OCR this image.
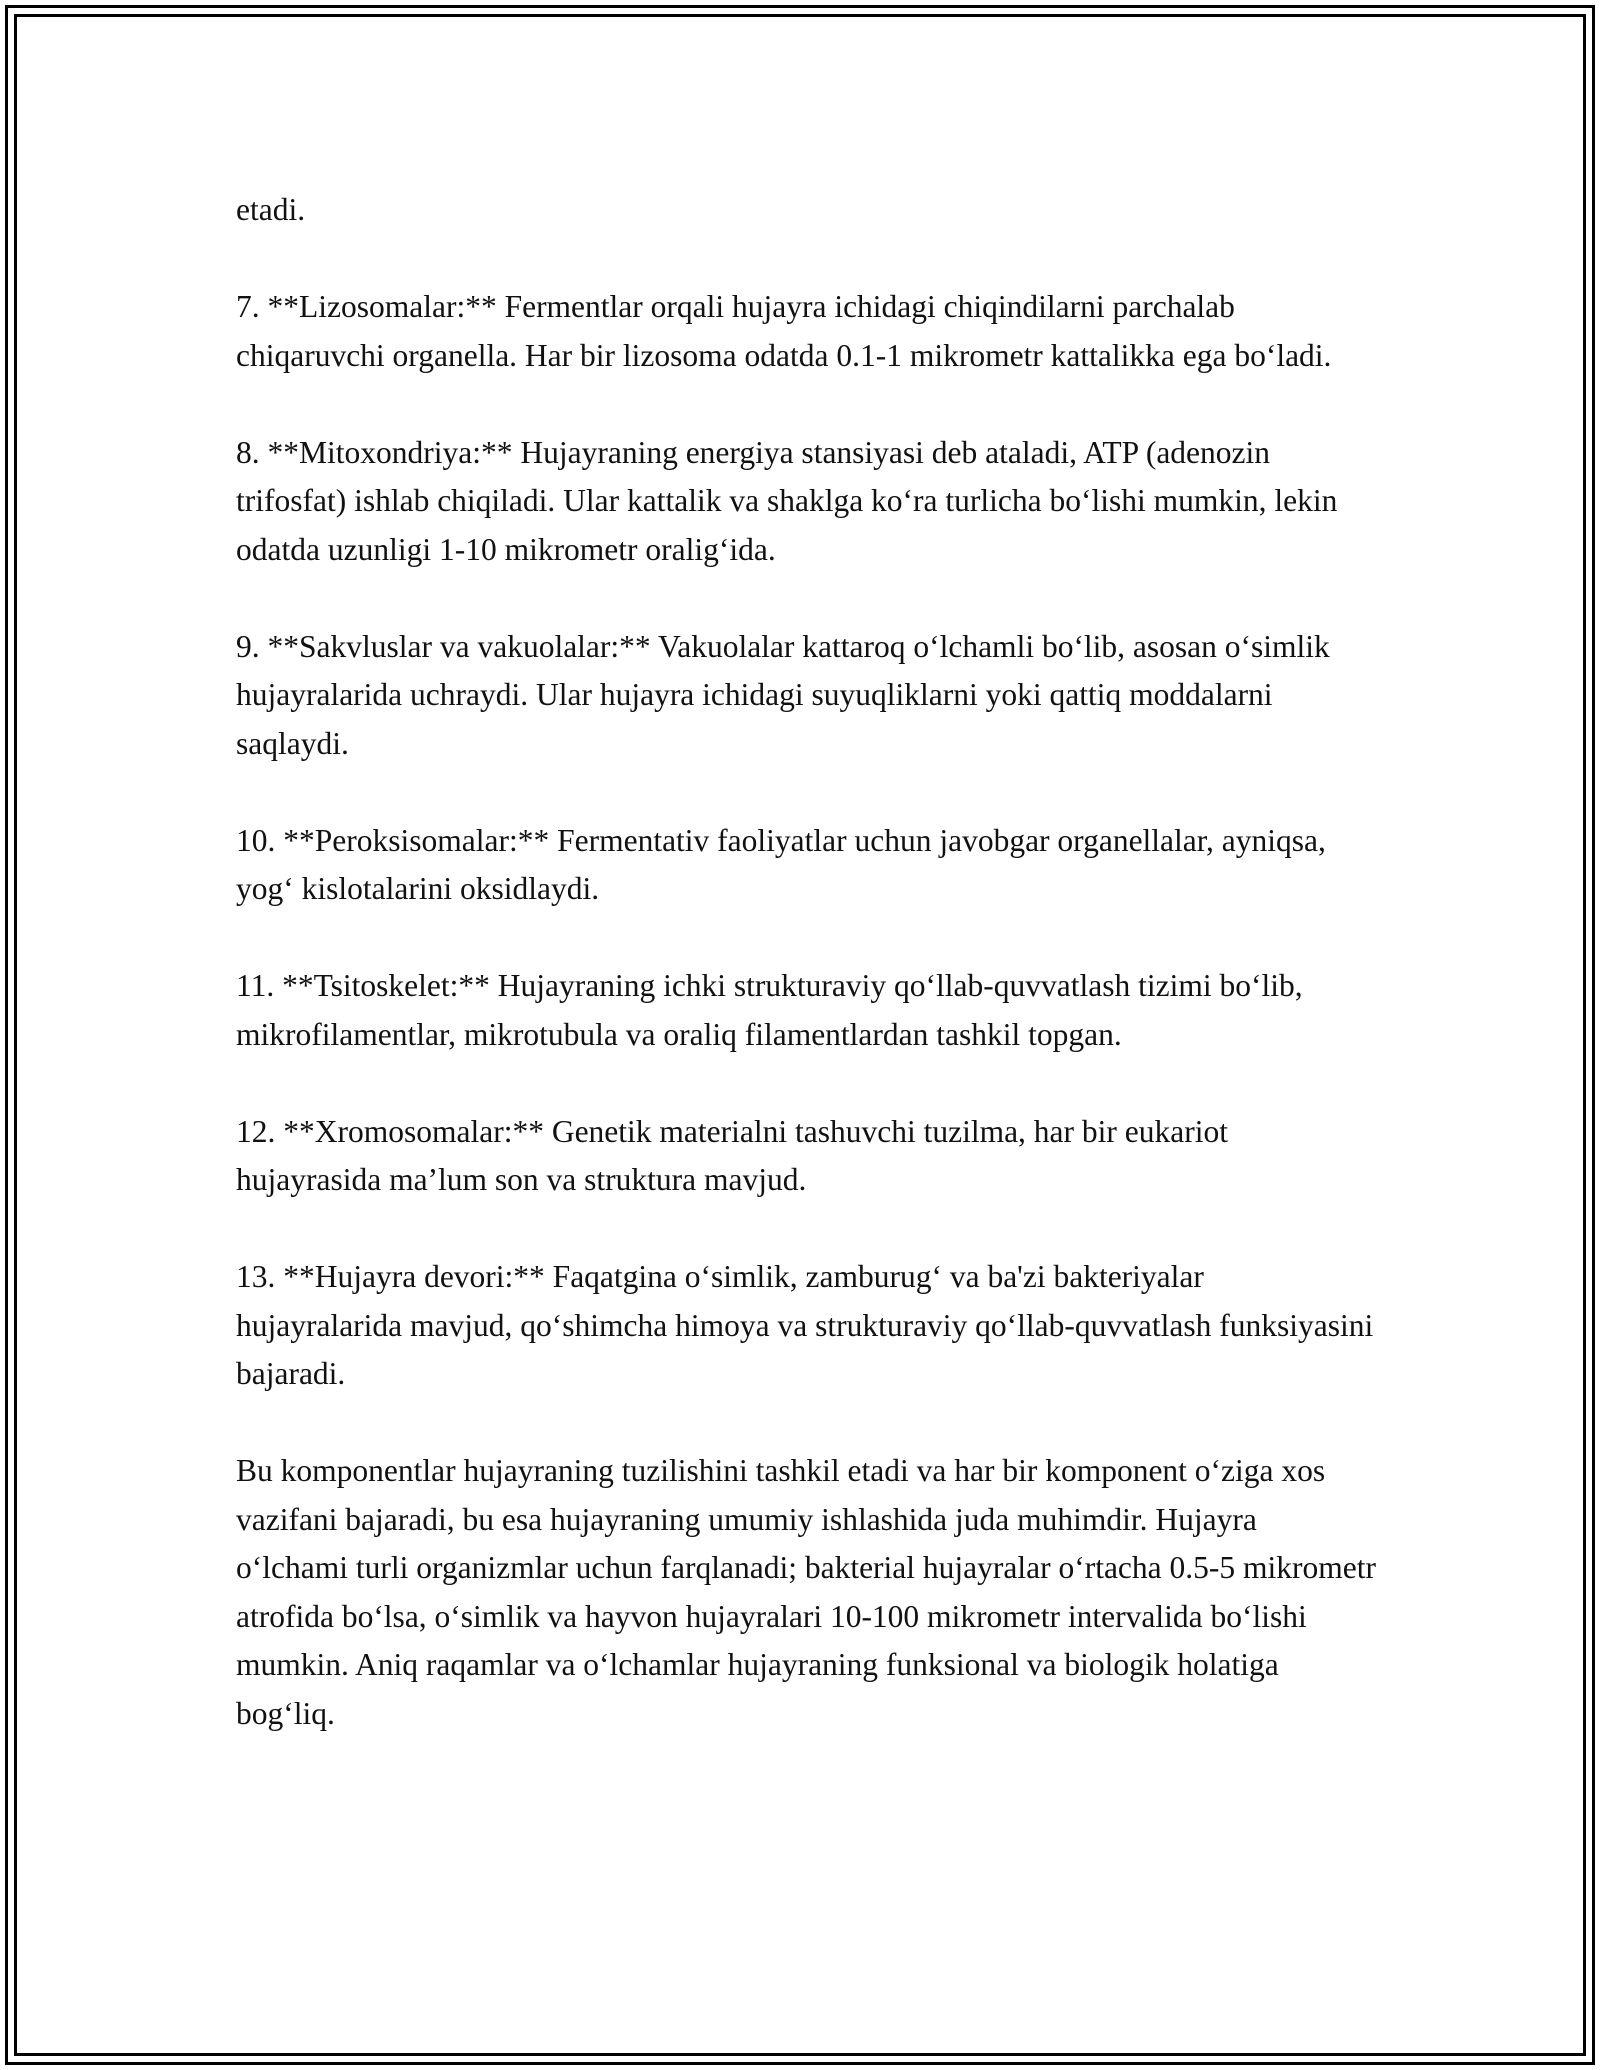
etadi.

7. **Lizosomalar:** Fermentlar orqali hujayra ichidagi chiqindilarni parchalab chiqaruvchi organella. Har bir lizosoma odatda 0.1-1 mikrometr kattalikka ega bo‘ladi.

8. **Mitoxondriya:** Hujayraning energiya stansiyasi deb ataladi, ATP (adenozin trifosfat) ishlab chiqiladi. Ular kattalik va shaklga ko‘ra turlicha bo‘lishi mumkin, lekin odatda uzunligi 1-10 mikrometr oralig‘ida.

9. **Sakvluslar va vakuolalar:** Vakuolalar kattaroq o‘lchamli bo‘lib, asosan o‘simlik hujayralarida uchraydi. Ular hujayra ichidagi suyuqliklarni yoki qattiq moddalarni saqlaydi.

10. **Peroksisomalar:** Fermentativ faoliyatlar uchun javobgar organellalar, ayniqsa, yog‘ kislotalarini oksidlaydi.

11. **Tsitoskelet:** Hujayraning ichki strukturaviy qo‘llab-quvvatlash tizimi bo‘lib, mikrofilamentlar, mikrotubula va oraliq filamentlardan tashkil topgan.

12. **Xromosomalar:** Genetik materialni tashuvchi tuzilma, har bir eukariot hujayrasida ma’lum son va struktura mavjud.

13. **Hujayra devori:** Faqatgina o‘simlik, zamburug‘ va ba'zi bakteriyalar hujayralarida mavjud, qo‘shimcha himoya va strukturaviy qo‘llab-quvvatlash funksiyasini bajaradi.

Bu komponentlar hujayraning tuzilishini tashkil etadi va har bir komponent o‘ziga xos vazifani bajaradi, bu esa hujayraning umumiy ishlashida juda muhimdir. Hujayra o‘lchami turli organizmlar uchun farqlanadi; bakterial hujayralar o‘rtacha 0.5-5 mikrometr atrofida bo‘lsa, o‘simlik va hayvon hujayralari 10-100 mikrometr intervalida bo‘lishi mumkin. Aniq raqamlar va o‘lchamlar hujayraning funksional va biologik holatiga bog‘liq.
